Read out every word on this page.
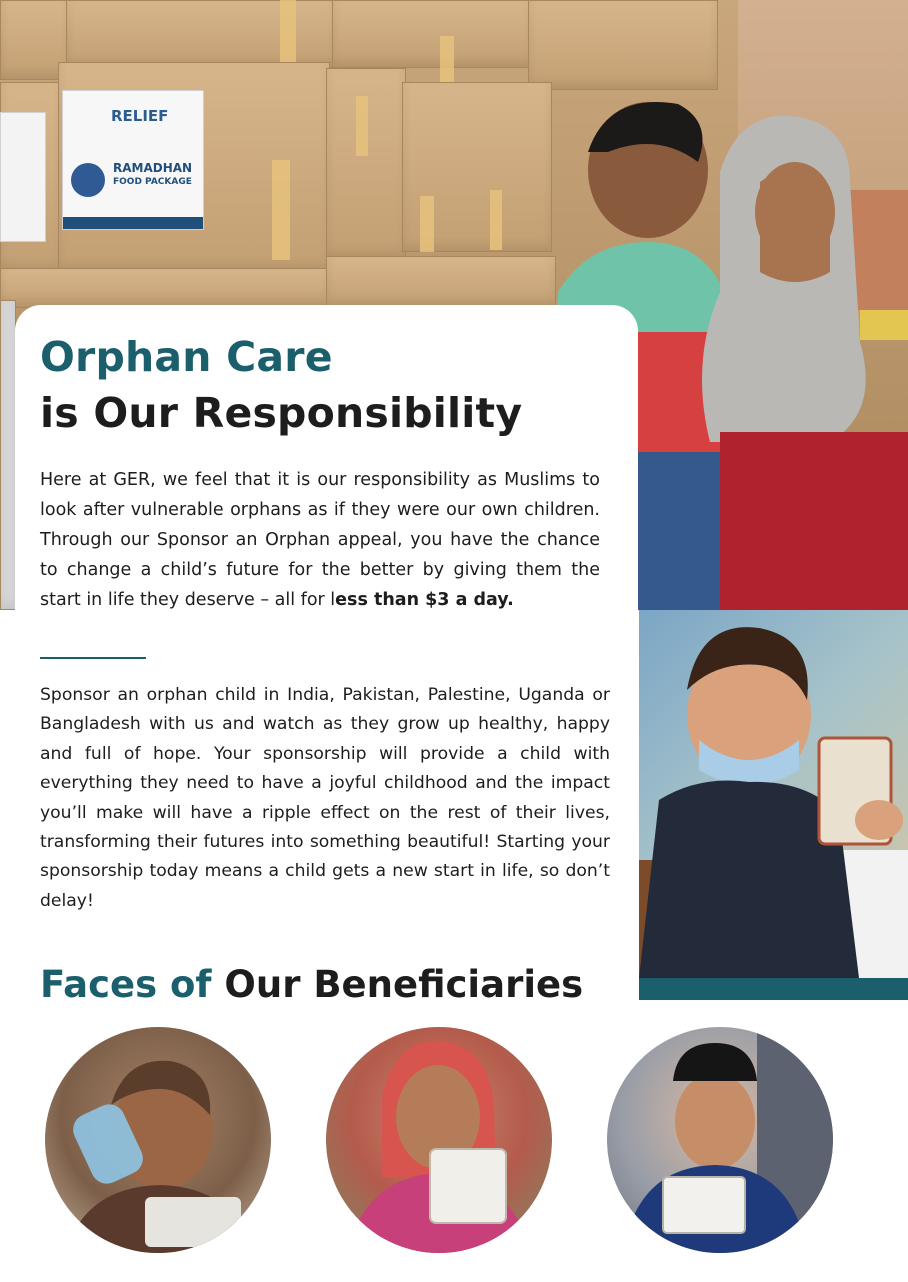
RELIEF
RAMADHAN
FOOD PACKAGE
Orphan Care
is Our Responsibility

Here at GER, we feel that it is our responsibility as Muslims to look after vulnerable orphans as if they were our own children. Through our Sponsor an Orphan appeal, you have the chance to change a child’s future for the better by giving them the start in life they deserve – all for less than $3 a day.

Sponsor an orphan child in India, Pakistan, Palestine, Uganda or Bangladesh with us and watch as they grow up healthy, happy and full of hope. Your sponsorship will provide a child with everything they need to have a joyful childhood and the impact you’ll make will have a ripple effect on the rest of their lives, transforming their futures into something beautiful! Starting your sponsorship today means a child gets a new start in life, so don’t delay!

Faces of Our Beneficiaries
